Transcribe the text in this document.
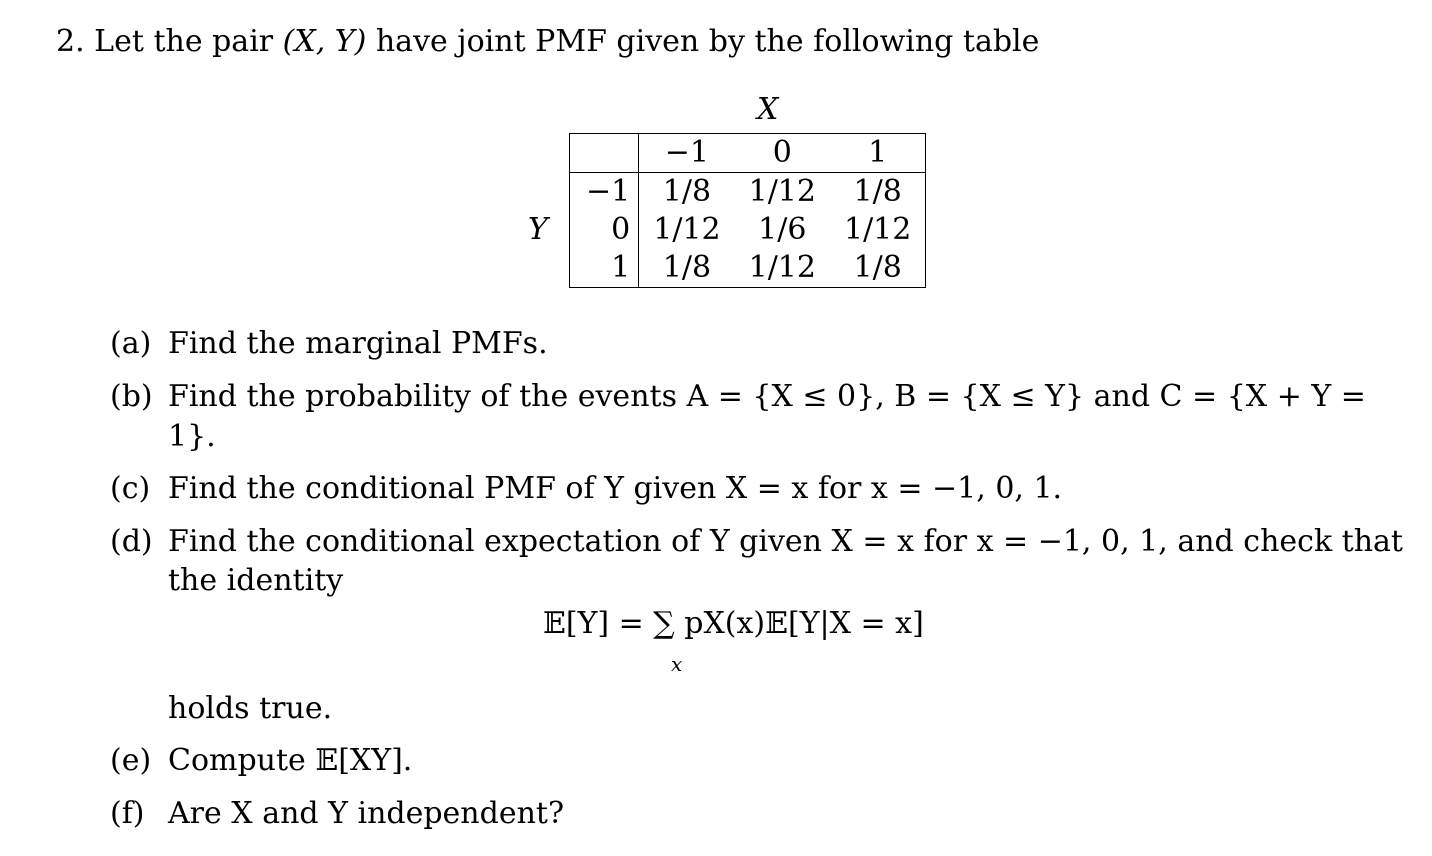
2. Let the pair (X, Y) have joint PMF given by the following table
X
Y
	−1	0	1
−1	1/8	1/12	1/8
0	1/12	1/6	1/12
1	1/8	1/12	1/8
(a) Find the marginal PMFs.
(b) Find the probability of the events A = {X ≤ 0}, B = {X ≤ Y} and C = {X + Y =
1}.
(c) Find the conditional PMF of Y given X = x for x = −1, 0, 1.
(d) Find the conditional expectation of Y given X = x for x = −1, 0, 1, and check that
the identity
𝔼[Y] = ∑ pX(x)𝔼[Y|X = x]
x
holds true.
(e) Compute 𝔼[XY].
(f) Are X and Y independent?
